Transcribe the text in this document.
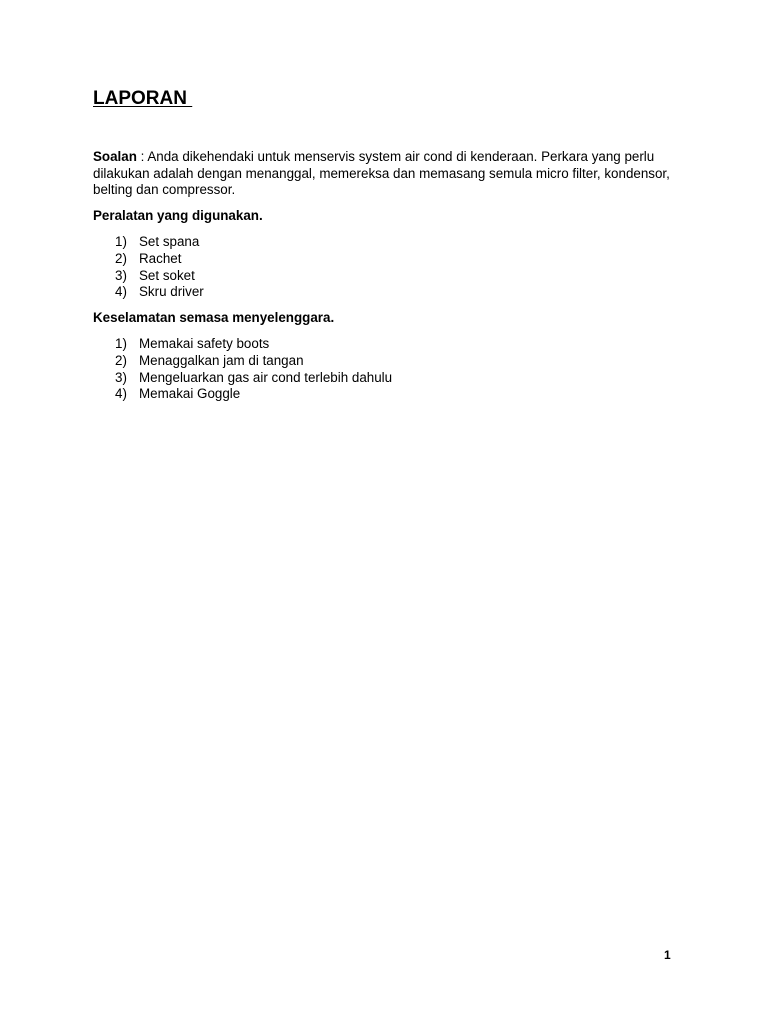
LAPORAN

Soalan : Anda dikehendaki untuk menservis system air cond di kenderaan. Perkara yang perlu dilakukan adalah dengan menanggal, memereksa dan memasang semula micro filter, kondensor, belting dan compressor.

Peralatan yang digunakan.
1) Set spana
2) Rachet
3) Set soket
4) Skru driver
Keselamatan semasa menyelenggara.
1) Memakai safety boots
2) Menaggalkan jam di tangan
3) Mengeluarkan gas air cond terlebih dahulu
4) Memakai Goggle
1
